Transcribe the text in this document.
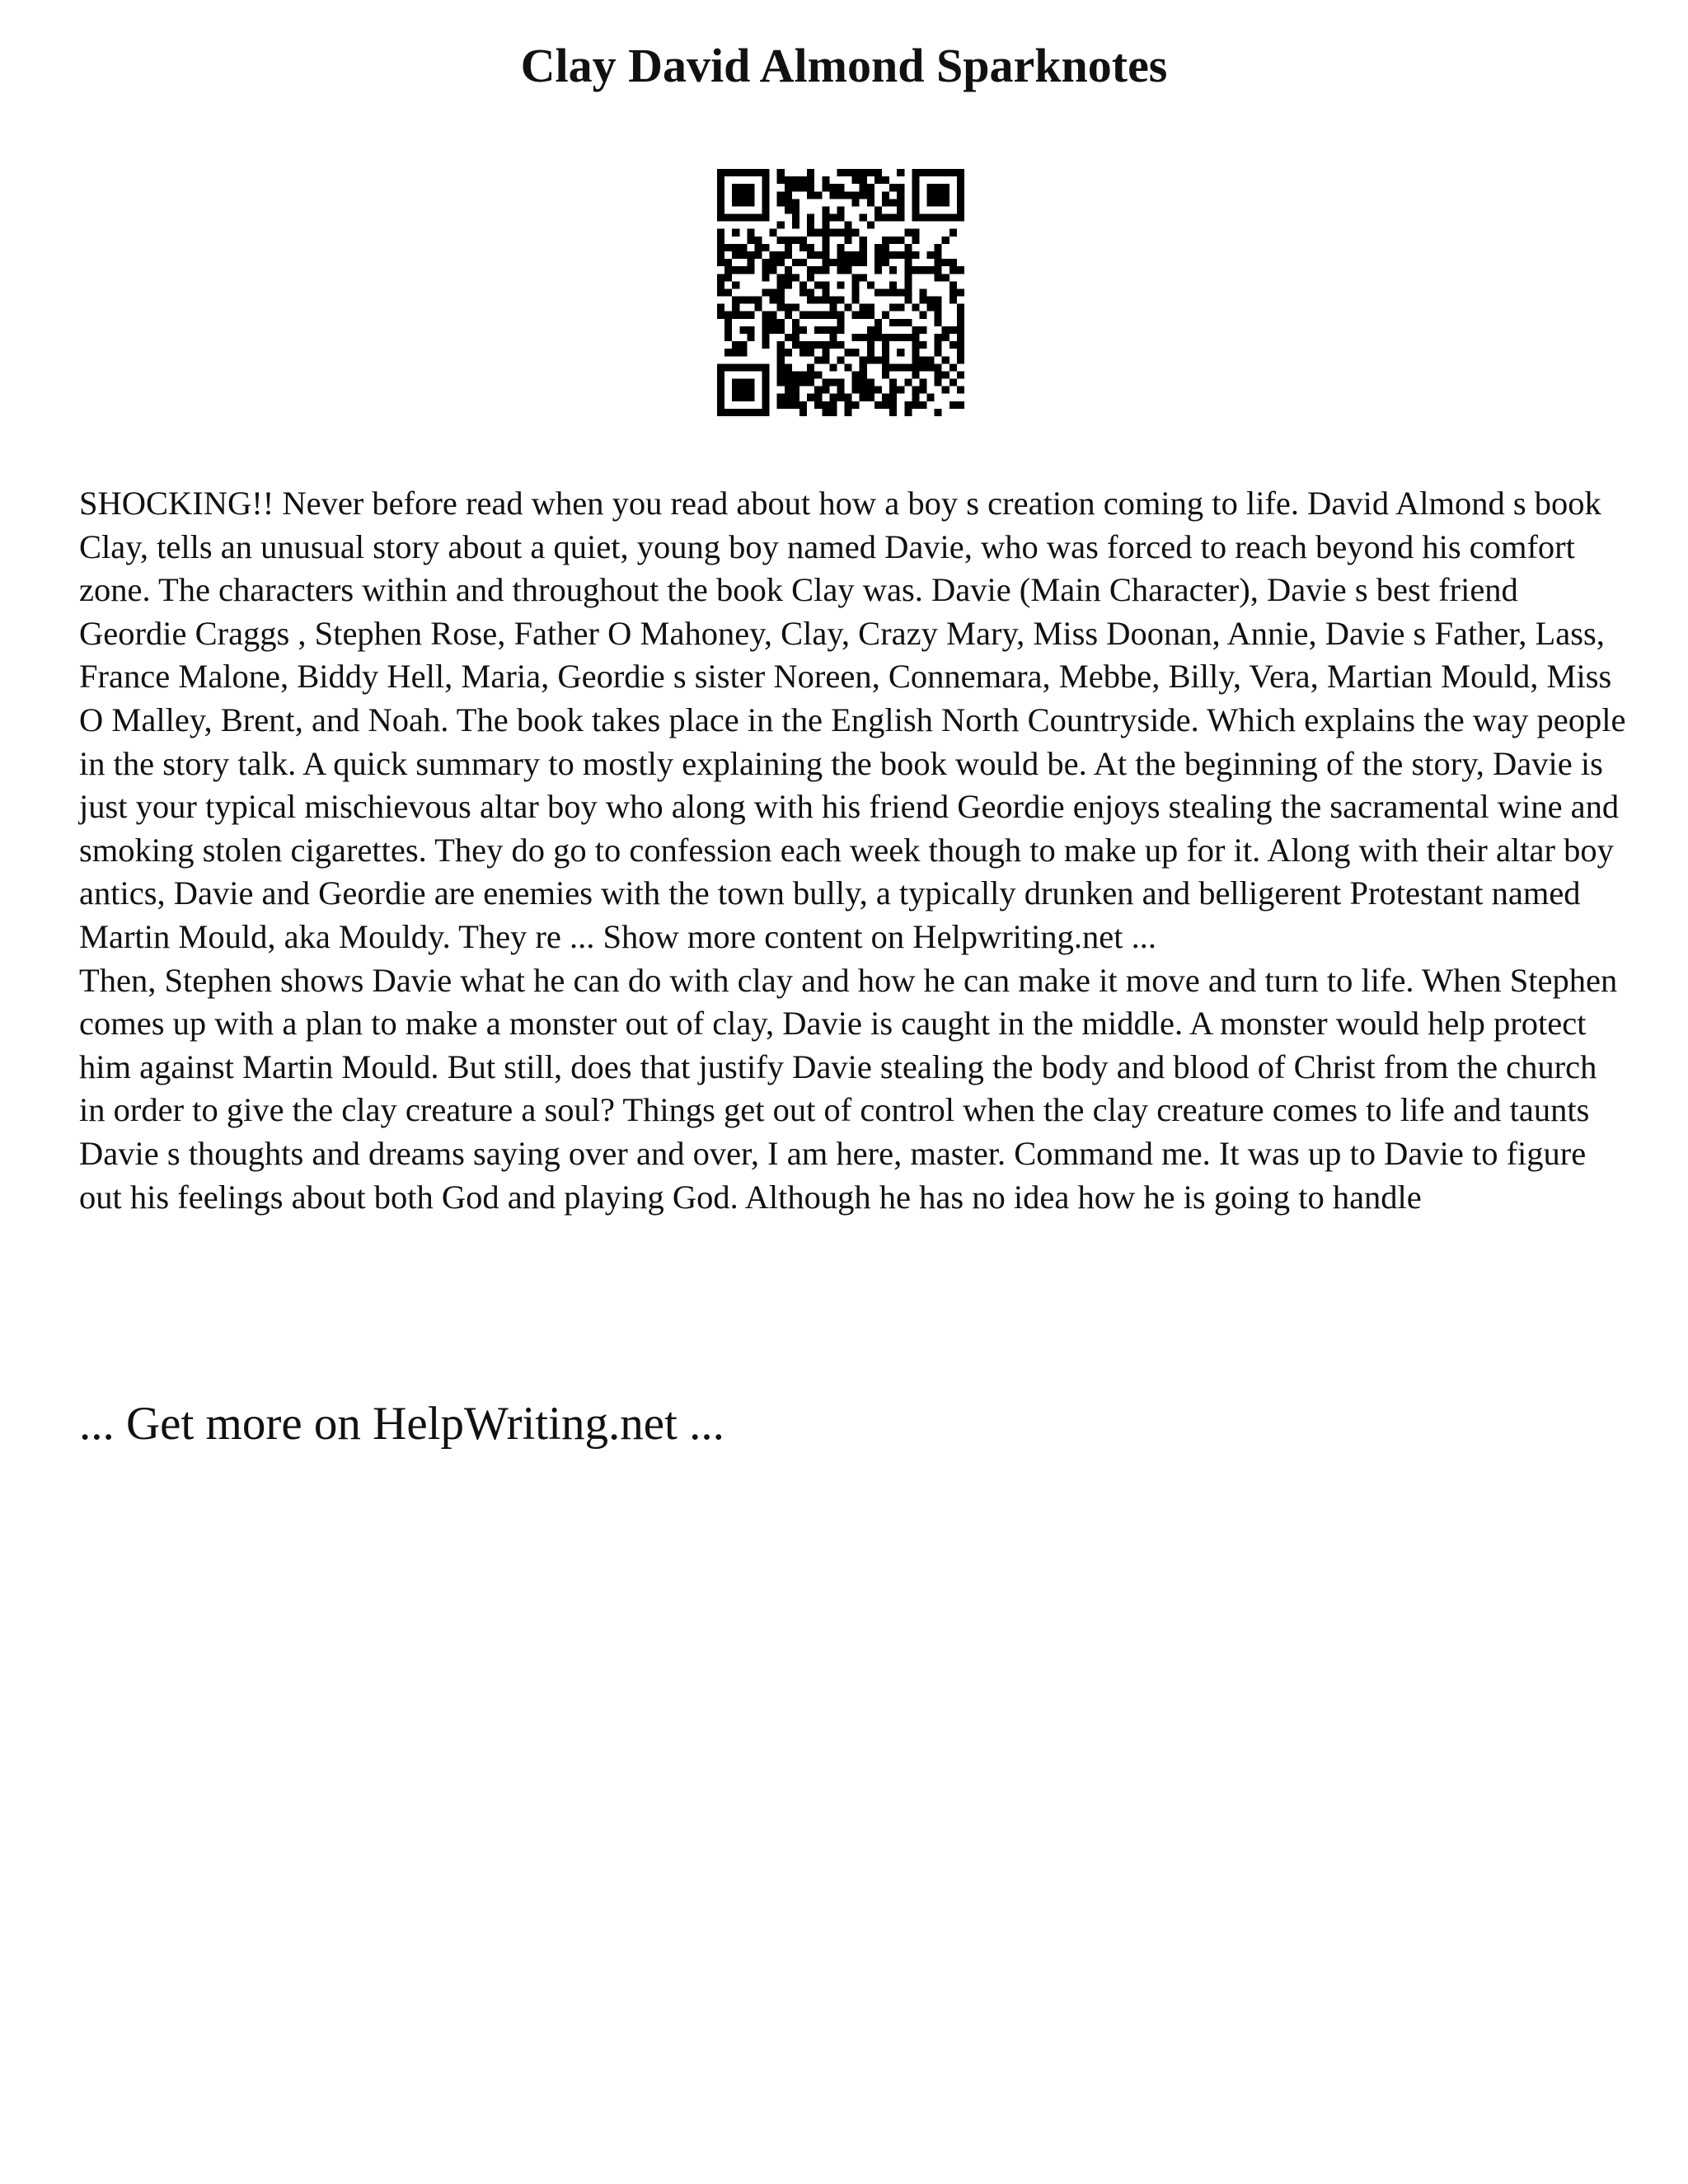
Clay David Almond Sparknotes

SHOCKING!! Never before read when you read about how a boy s creation coming to life. David Almond s book Clay, tells an unusual story about a quiet, young boy named Davie, who was forced to reach beyond his comfort zone. The characters within and throughout the book Clay was. Davie (Main Character), Davie s best friend Geordie Craggs , Stephen Rose, Father O Mahoney, Clay, Crazy Mary, Miss Doonan, Annie, Davie s Father, Lass, France Malone, Biddy Hell, Maria, Geordie s sister Noreen, Connemara, Mebbe, Billy, Vera, Martian Mould, Miss O Malley, Brent, and Noah. The book takes place in the English North Countryside. Which explains the way people in the story talk. A quick summary to mostly explaining the book would be. At the beginning of the story, Davie is just your typical mischievous altar boy who along with his friend Geordie enjoys stealing the sacramental wine and smoking stolen cigarettes. They do go to confession each week though to make up for it. Along with their altar boy antics, Davie and Geordie are enemies with the town bully, a typically drunken and belligerent Protestant named Martin Mould, aka Mouldy. They re ... Show more content on Helpwriting.net ...

Then, Stephen shows Davie what he can do with clay and how he can make it move and turn to life. When Stephen comes up with a plan to make a monster out of clay, Davie is caught in the middle. A monster would help protect him against Martin Mould. But still, does that justify Davie stealing the body and blood of Christ from the church in order to give the clay creature a soul? Things get out of control when the clay creature comes to life and taunts Davie s thoughts and dreams saying over and over, I am here, master. Command me. It was up to Davie to figure out his feelings about both God and playing God. Although he has no idea how he is going to handle

... Get more on HelpWriting.net ...
